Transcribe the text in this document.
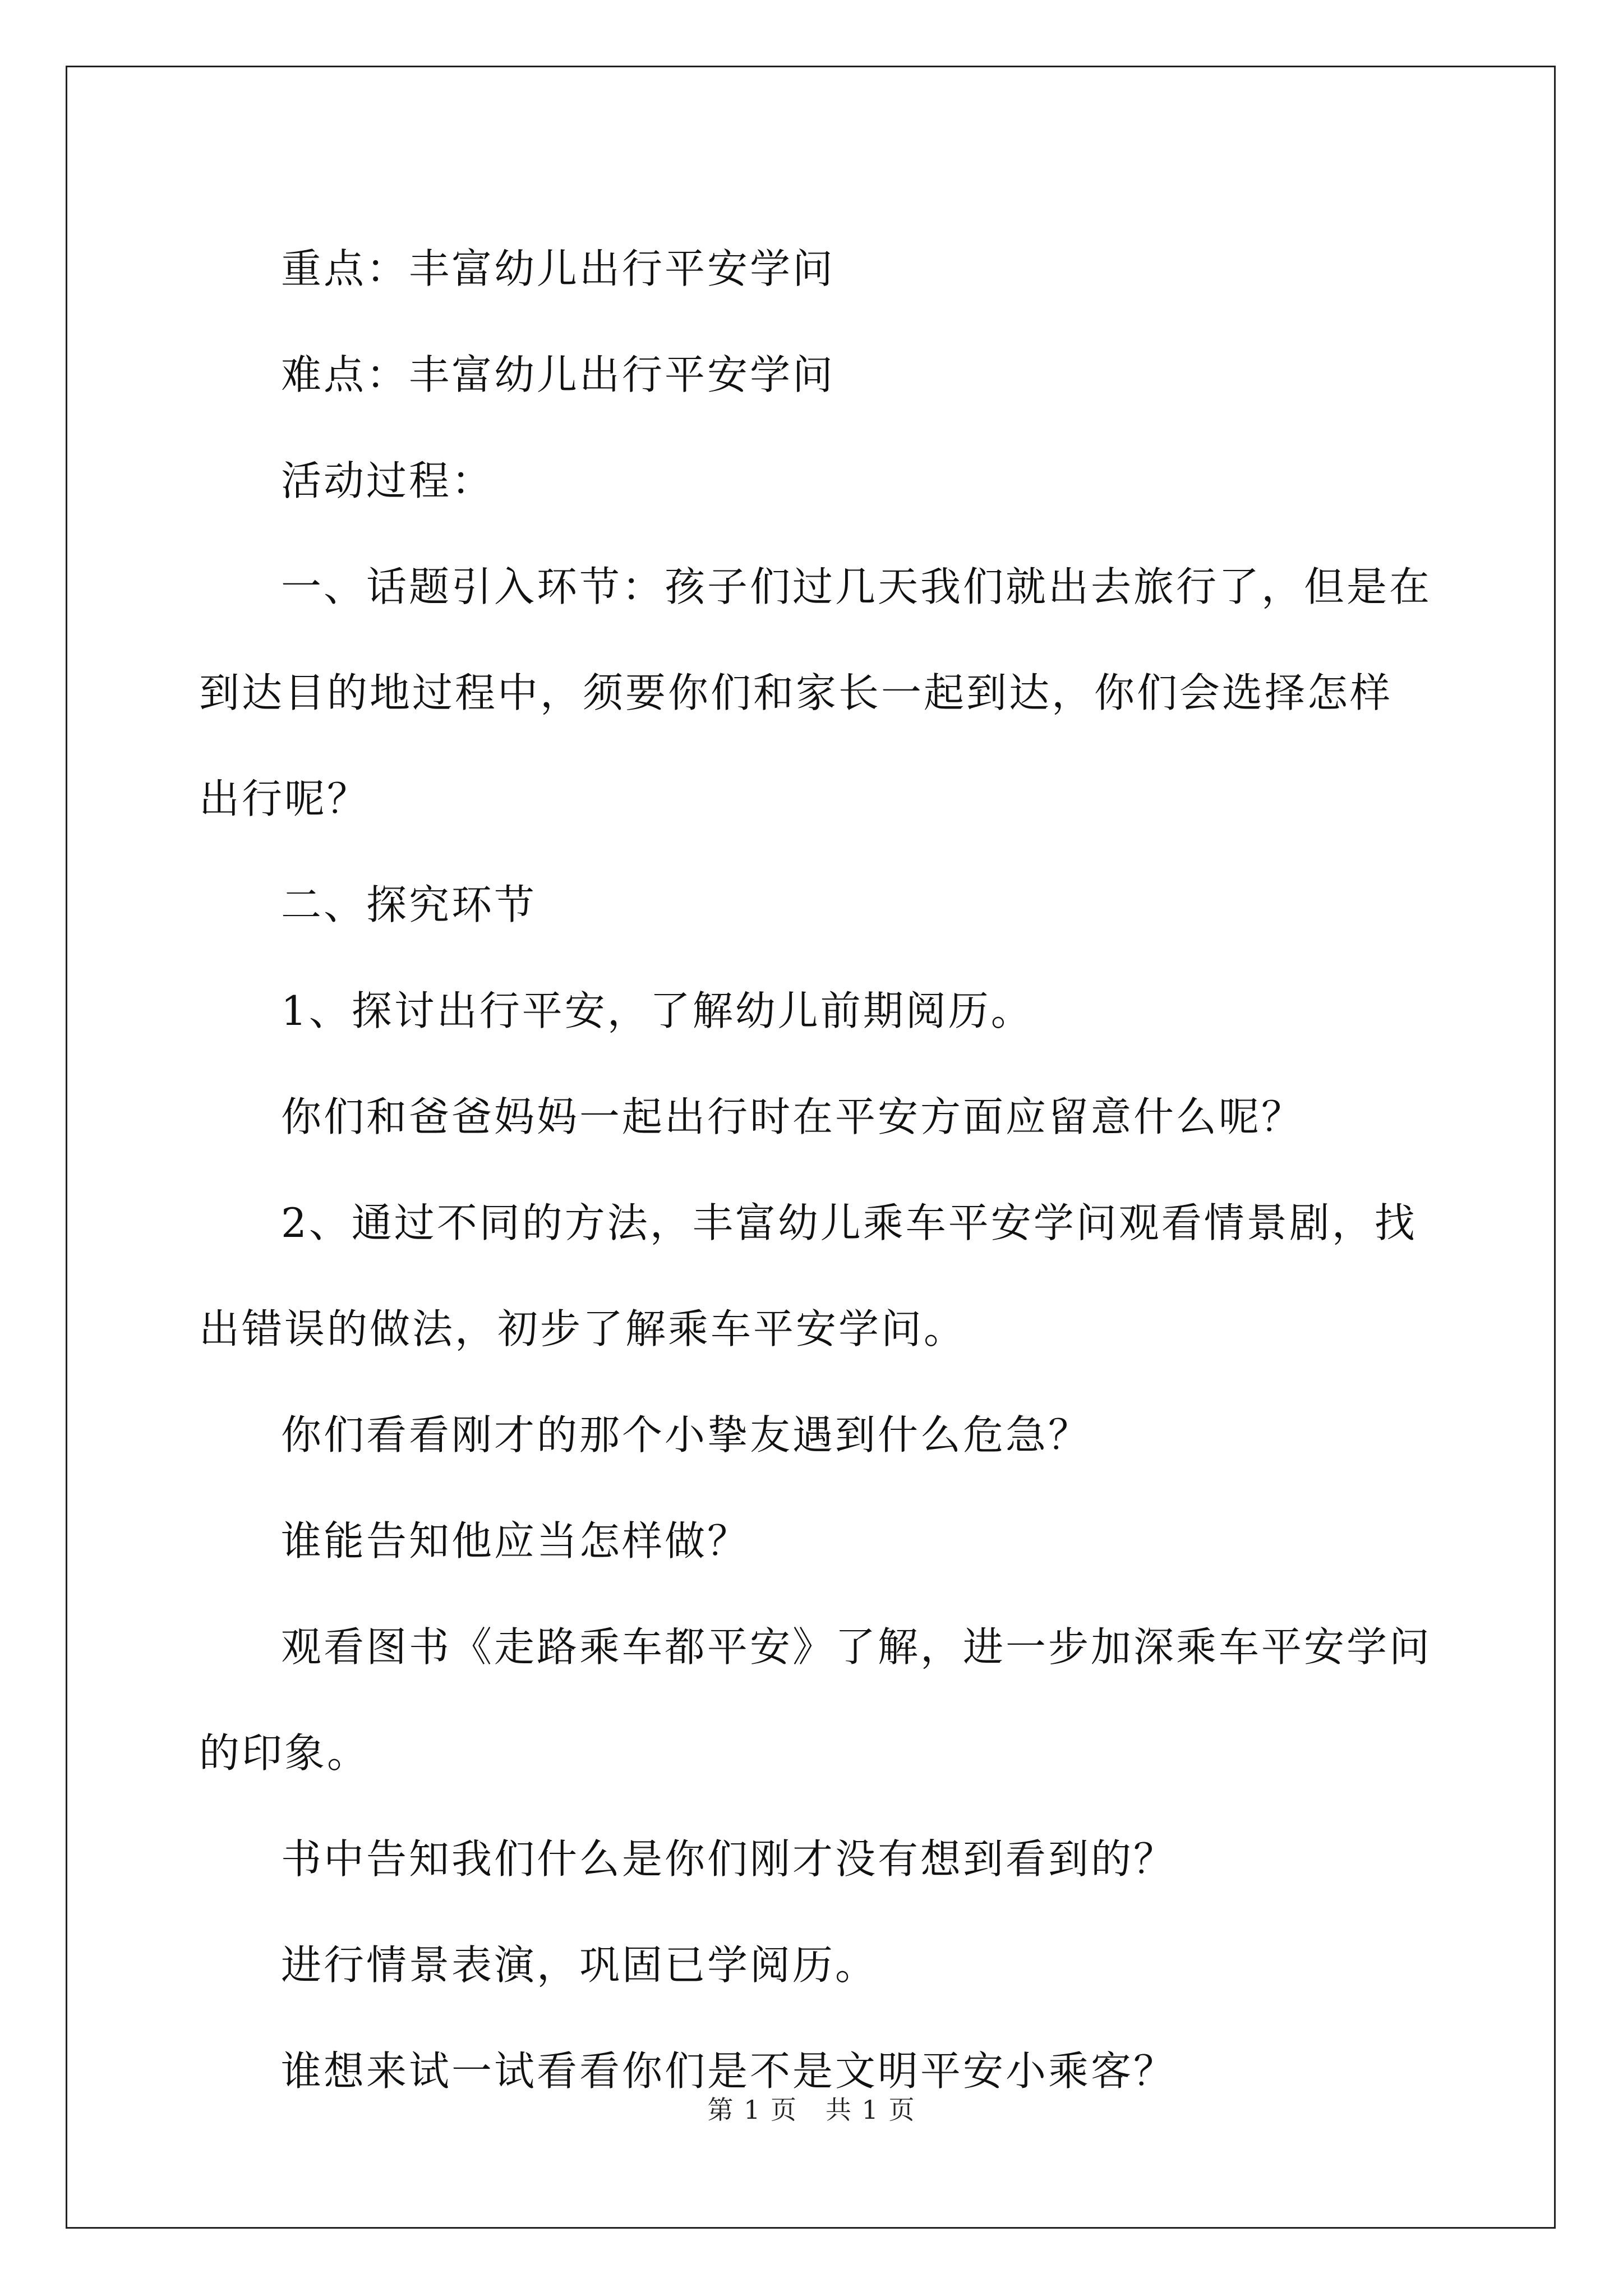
重点：丰富幼儿出行平安学问

难点：丰富幼儿出行平安学问

活动过程：

一、话题引入环节：孩子们过几天我们就出去旅行了，但是在到达目的地过程中，须要你们和家长一起到达，你们会选择怎样出行呢？

二、探究环节

1、探讨出行平安，了解幼儿前期阅历。

你们和爸爸妈妈一起出行时在平安方面应留意什么呢？

2、通过不同的方法，丰富幼儿乘车平安学问观看情景剧，找出错误的做法，初步了解乘车平安学问。

你们看看刚才的那个小挚友遇到什么危急？

谁能告知他应当怎样做？

观看图书《走路乘车都平安》了解，进一步加深乘车平安学问的印象。

书中告知我们什么是你们刚才没有想到看到的？

进行情景表演，巩固已学阅历。

谁想来试一试看看你们是不是文明平安小乘客？

第 1 页 共 1 页
